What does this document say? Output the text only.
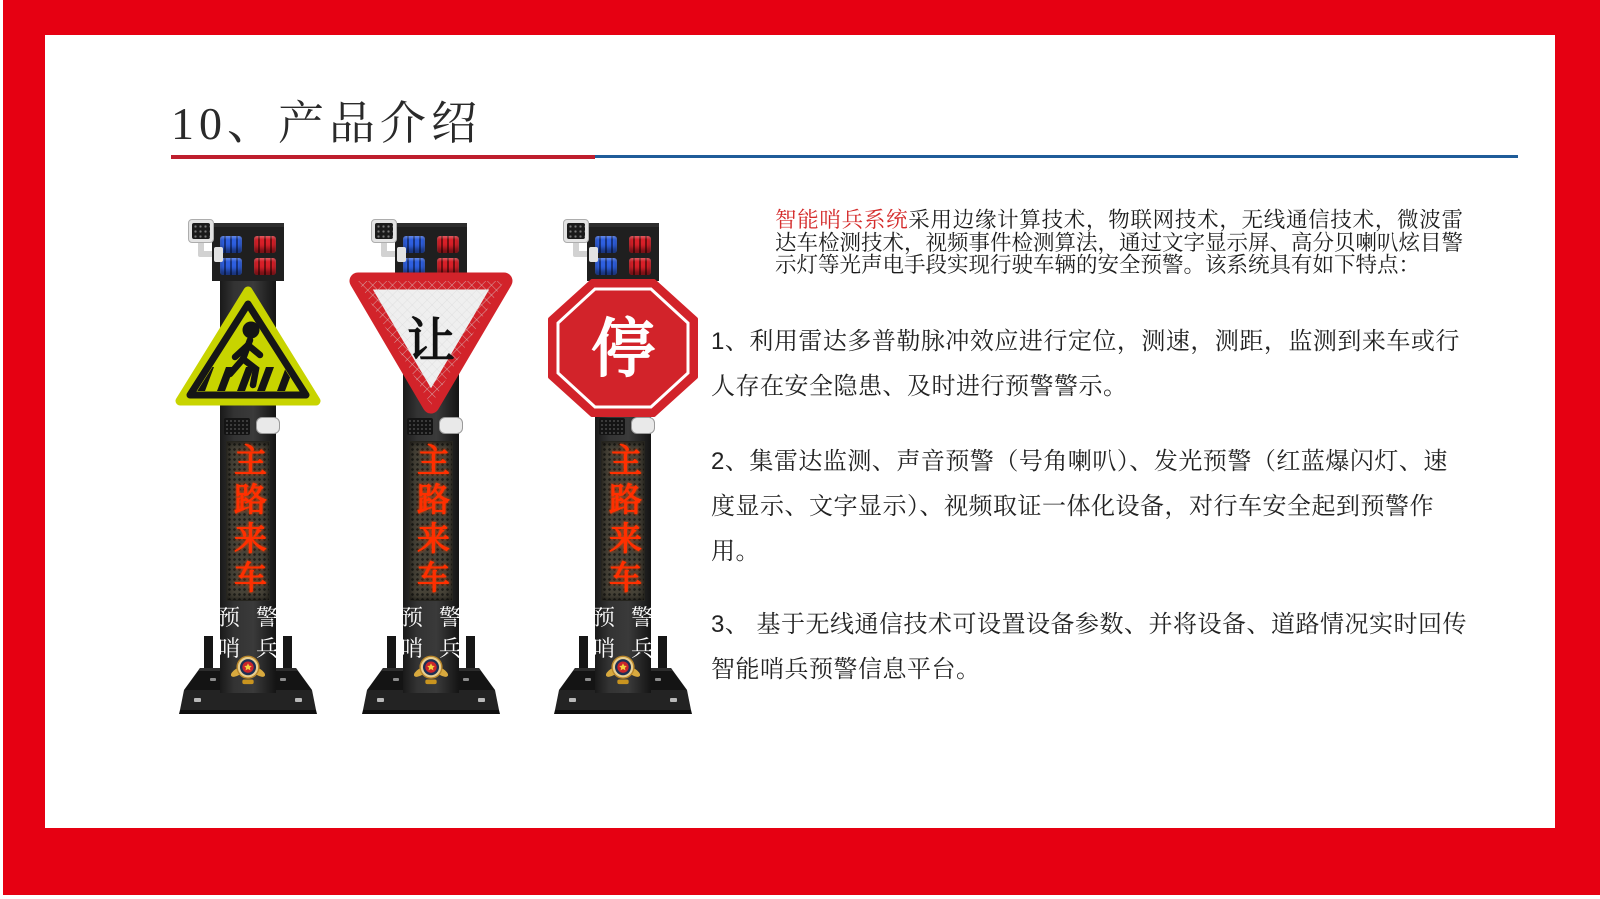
10、产品介绍
主路来车
预 警
哨 兵
让
主路来车
预 警
哨 兵
停
主路来车
预 警
哨 兵

智能哨兵系统采用边缘计算技术，物联网技术，无线通信技术，微波雷达车检测技术，视频事件检测算法，通过文字显示屏、高分贝喇叭炫目警示灯等光声电手段实现行驶车辆的安全预警。该系统具有如下特点：

1、利用雷达多普勒脉冲效应进行定位，测速，测距，监测到来车或行人存在安全隐患、及时进行预警警示。

2、集雷达监测、声音预警（号角喇叭）、发光预警（红蓝爆闪灯、速度显示、文字显示）、视频取证一体化设备，对行车安全起到预警作用。

3、 基于无线通信技术可设置设备参数、并将设备、道路情况实时回传智能哨兵预警信息平台。
